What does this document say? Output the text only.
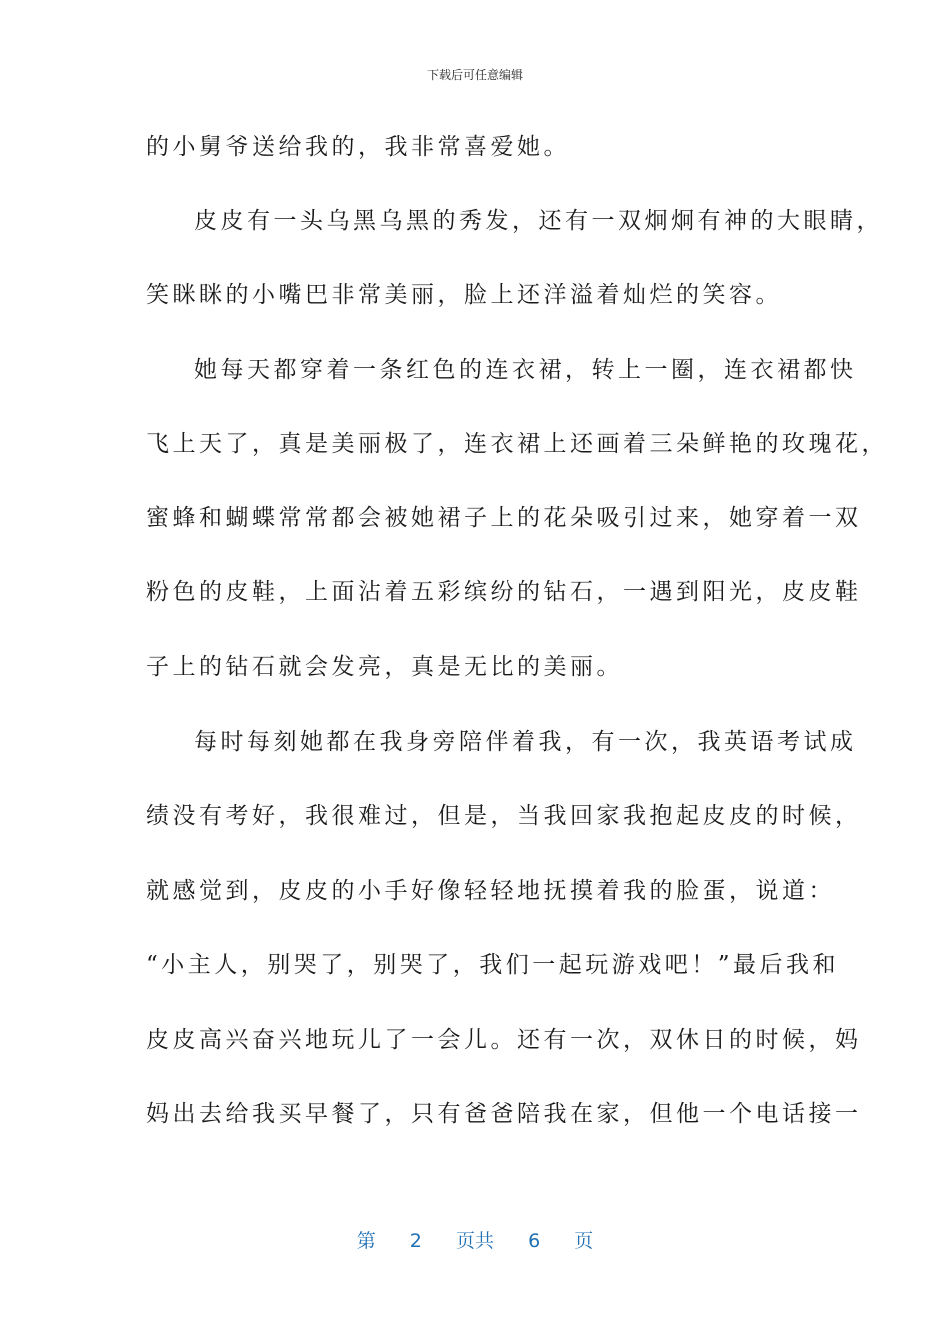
下载后可任意编辑
的小舅爷送给我的，我非常喜爱她。
皮皮有一头乌黑乌黑的秀发，还有一双炯炯有神的大眼睛，
笑眯眯的小嘴巴非常美丽，脸上还洋溢着灿烂的笑容。
她每天都穿着一条红色的连衣裙，转上一圈，连衣裙都快
飞上天了，真是美丽极了，连衣裙上还画着三朵鲜艳的玫瑰花，
蜜蜂和蝴蝶常常都会被她裙子上的花朵吸引过来，她穿着一双
粉色的皮鞋，上面沾着五彩缤纷的钻石，一遇到阳光，皮皮鞋
子上的钻石就会发亮，真是无比的美丽。
每时每刻她都在我身旁陪伴着我，有一次，我英语考试成
绩没有考好，我很难过，但是，当我回家我抱起皮皮的时候，
就感觉到，皮皮的小手好像轻轻地抚摸着我的脸蛋，说道：
“小主人，别哭了，别哭了，我们一起玩游戏吧！”最后我和
皮皮高兴奋兴地玩儿了一会儿。还有一次，双休日的时候，妈
妈出去给我买早餐了，只有爸爸陪我在家，但他一个电话接一
第 2 页共 6 页
